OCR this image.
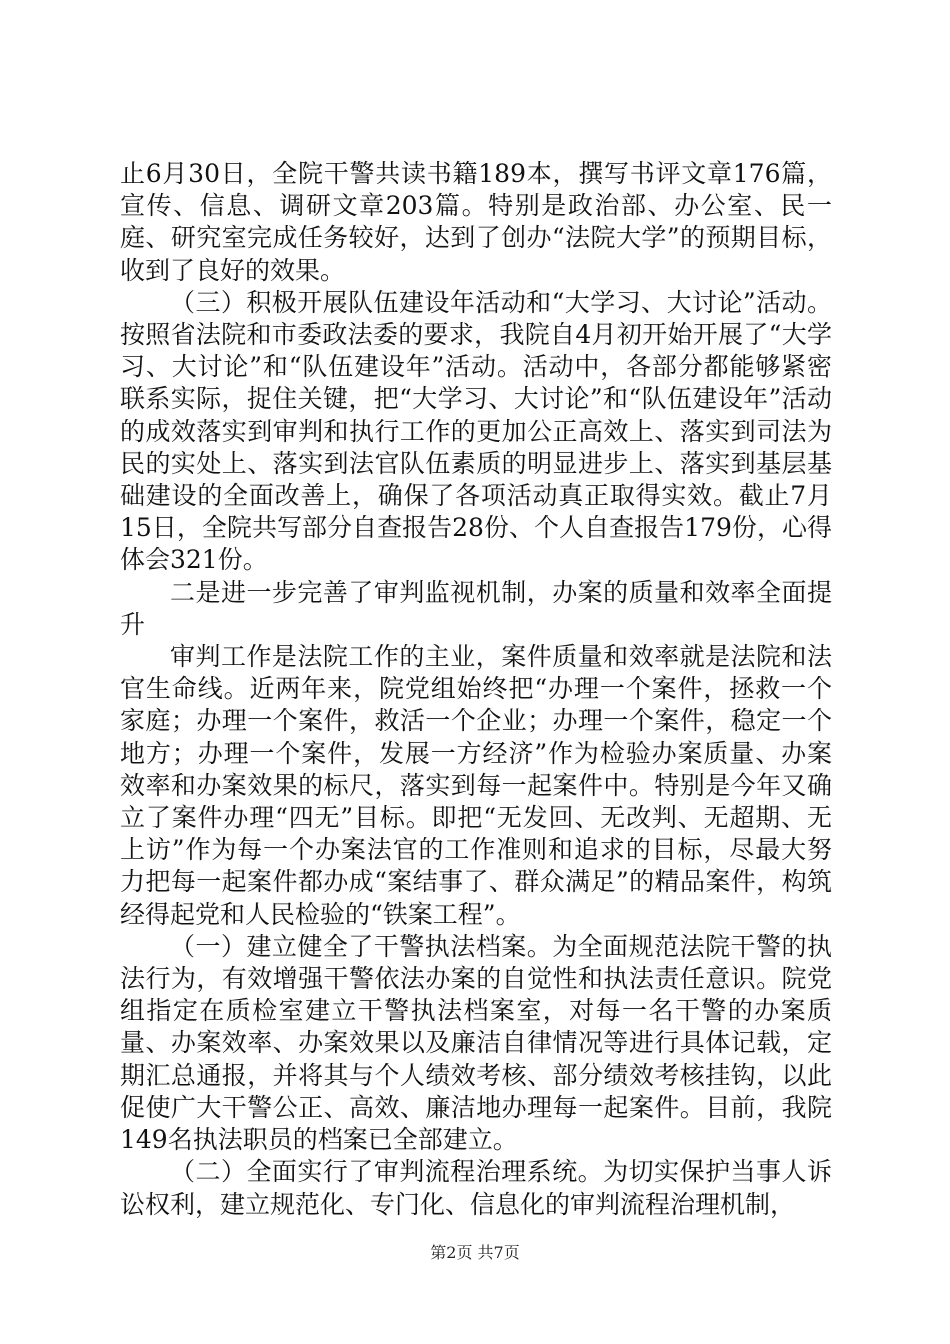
止6月30日，全院干警共读书籍189本，撰写书评文章176篇，宣传、信息、调研文章203篇。特别是政治部、办公室、民一庭、研究室完成任务较好，达到了创办“法院大学”的预期目标，收到了良好的效果。

（三）积极开展队伍建设年活动和“大学习、大讨论”活动。按照省法院和市委政法委的要求，我院自4月初开始开展了“大学习、大讨论”和“队伍建设年”活动。活动中，各部分都能够紧密联系实际，捉住关键，把“大学习、大讨论”和“队伍建设年”活动的成效落实到审判和执行工作的更加公正高效上、落实到司法为民的实处上、落实到法官队伍素质的明显进步上、落实到基层基础建设的全面改善上，确保了各项活动真正取得实效。截止7月15日，全院共写部分自查报告28份、个人自查报告179份，心得体会321份。

二是进一步完善了审判监视机制，办案的质量和效率全面提升

审判工作是法院工作的主业，案件质量和效率就是法院和法官生命线。近两年来，院党组始终把“办理一个案件，拯救一个家庭；办理一个案件，救活一个企业；办理一个案件，稳定一个地方；办理一个案件，发展一方经济”作为检验办案质量、办案效率和办案效果的标尺，落实到每一起案件中。特别是今年又确立了案件办理“四无”目标。即把“无发回、无改判、无超期、无上访”作为每一个办案法官的工作准则和追求的目标，尽最大努力把每一起案件都办成“案结事了、群众满足”的精品案件，构筑经得起党和人民检验的“铁案工程”。

（一）建立健全了干警执法档案。为全面规范法院干警的执法行为，有效增强干警依法办案的自觉性和执法责任意识。院党组指定在质检室建立干警执法档案室，对每一名干警的办案质量、办案效率、办案效果以及廉洁自律情况等进行具体记载，定期汇总通报，并将其与个人绩效考核、部分绩效考核挂钩，以此促使广大干警公正、高效、廉洁地办理每一起案件。目前，我院149名执法职员的档案已全部建立。

（二）全面实行了审判流程治理系统。为切实保护当事人诉讼权利，建立规范化、专门化、信息化的审判流程治理机制，

第2页 共7页
